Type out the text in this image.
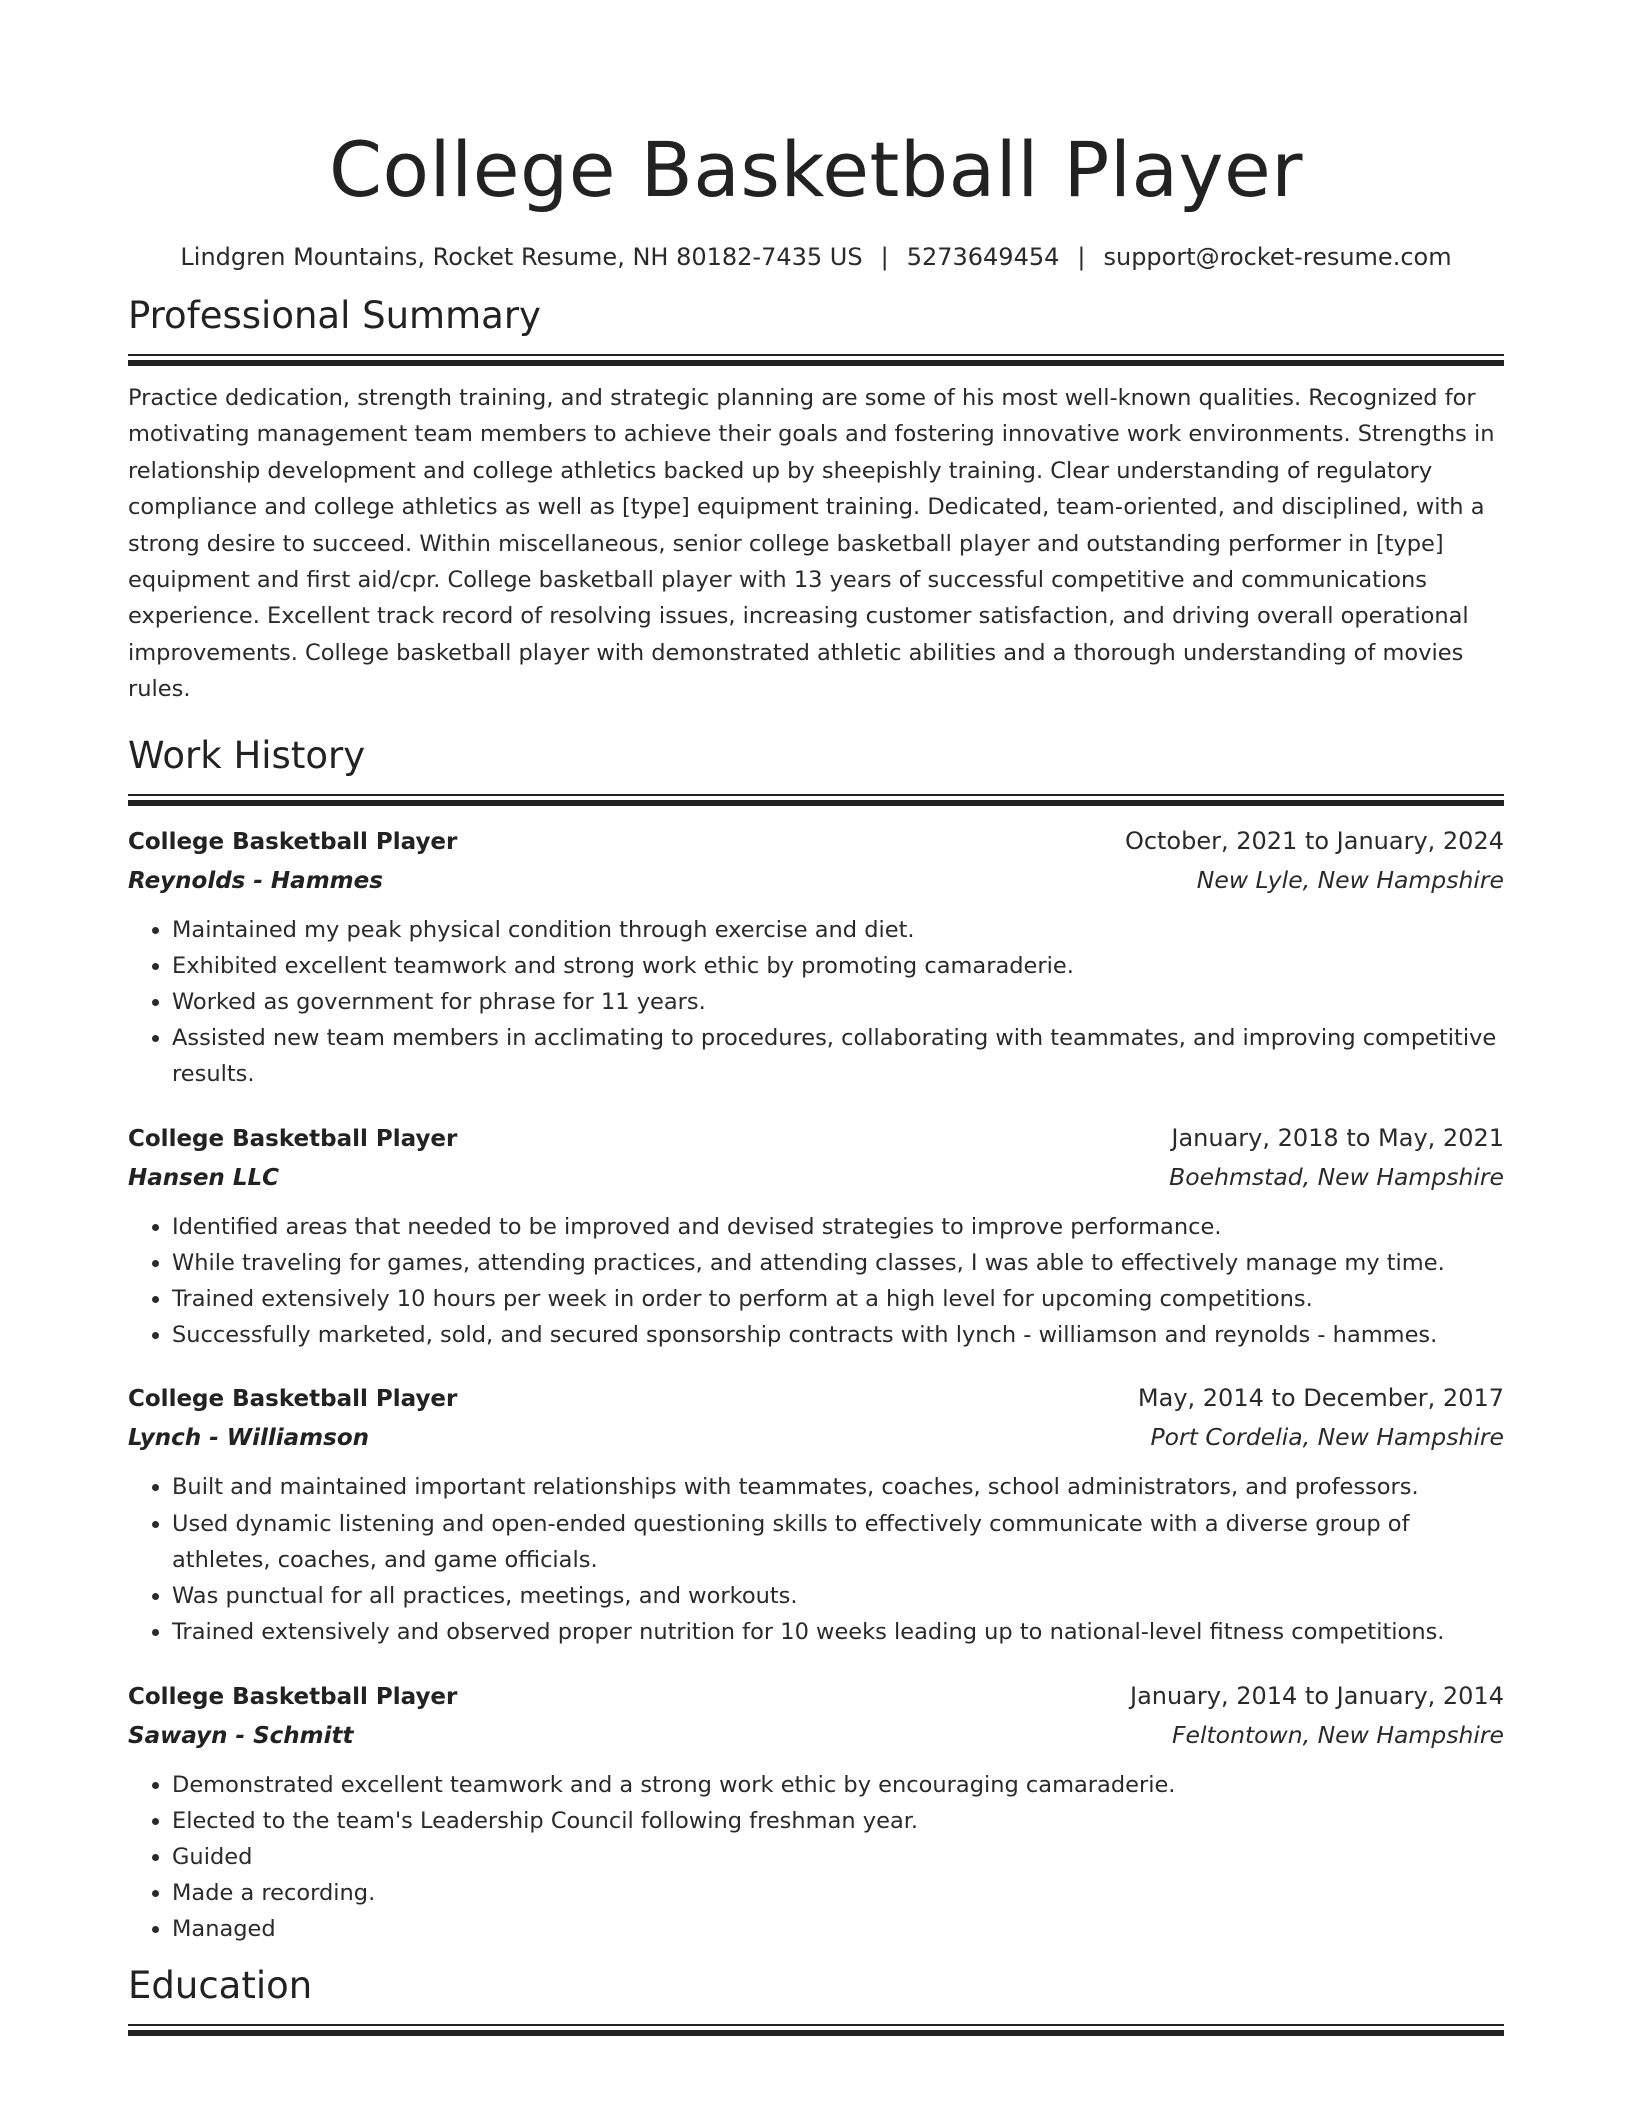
College Basketball Player
Lindgren Mountains, Rocket Resume, NH 80182-7435 US | 5273649454 | support@rocket-resume.com
Professional Summary

Practice dedication, strength training, and strategic planning are some of his most well-known qualities. Recognized for motivating management team members to achieve their goals and fostering innovative work environments. Strengths in relationship development and college athletics backed up by sheepishly training. Clear understanding of regulatory compliance and college athletics as well as [type] equipment training. Dedicated, team-oriented, and disciplined, with a strong desire to succeed. Within miscellaneous, senior college basketball player and outstanding performer in [type] equipment and first aid/cpr. College basketball player with 13 years of successful competitive and communications experience. Excellent track record of resolving issues, increasing customer satisfaction, and driving overall operational improvements. College basketball player with demonstrated athletic abilities and a thorough understanding of movies rules.

Work History
College Basketball Player	October, 2021 to January, 2024
Reynolds - Hammes	New Lyle, New Hampshire
• Maintained my peak physical condition through exercise and diet.
• Exhibited excellent teamwork and strong work ethic by promoting camaraderie.
• Worked as government for phrase for 11 years.
• Assisted new team members in acclimating to procedures, collaborating with teammates, and improving competitive results.
College Basketball Player	January, 2018 to May, 2021
Hansen LLC	Boehmstad, New Hampshire
• Identified areas that needed to be improved and devised strategies to improve performance.
• While traveling for games, attending practices, and attending classes, I was able to effectively manage my time.
• Trained extensively 10 hours per week in order to perform at a high level for upcoming competitions.
• Successfully marketed, sold, and secured sponsorship contracts with lynch - williamson and reynolds - hammes.
College Basketball Player	May, 2014 to December, 2017
Lynch - Williamson	Port Cordelia, New Hampshire
• Built and maintained important relationships with teammates, coaches, school administrators, and professors.
• Used dynamic listening and open-ended questioning skills to effectively communicate with a diverse group of athletes, coaches, and game officials.
• Was punctual for all practices, meetings, and workouts.
• Trained extensively and observed proper nutrition for 10 weeks leading up to national-level fitness competitions.
College Basketball Player	January, 2014 to January, 2014
Sawayn - Schmitt	Feltontown, New Hampshire
• Demonstrated excellent teamwork and a strong work ethic by encouraging camaraderie.
• Elected to the team's Leadership Council following freshman year.
• Guided
• Made a recording.
• Managed
Education
